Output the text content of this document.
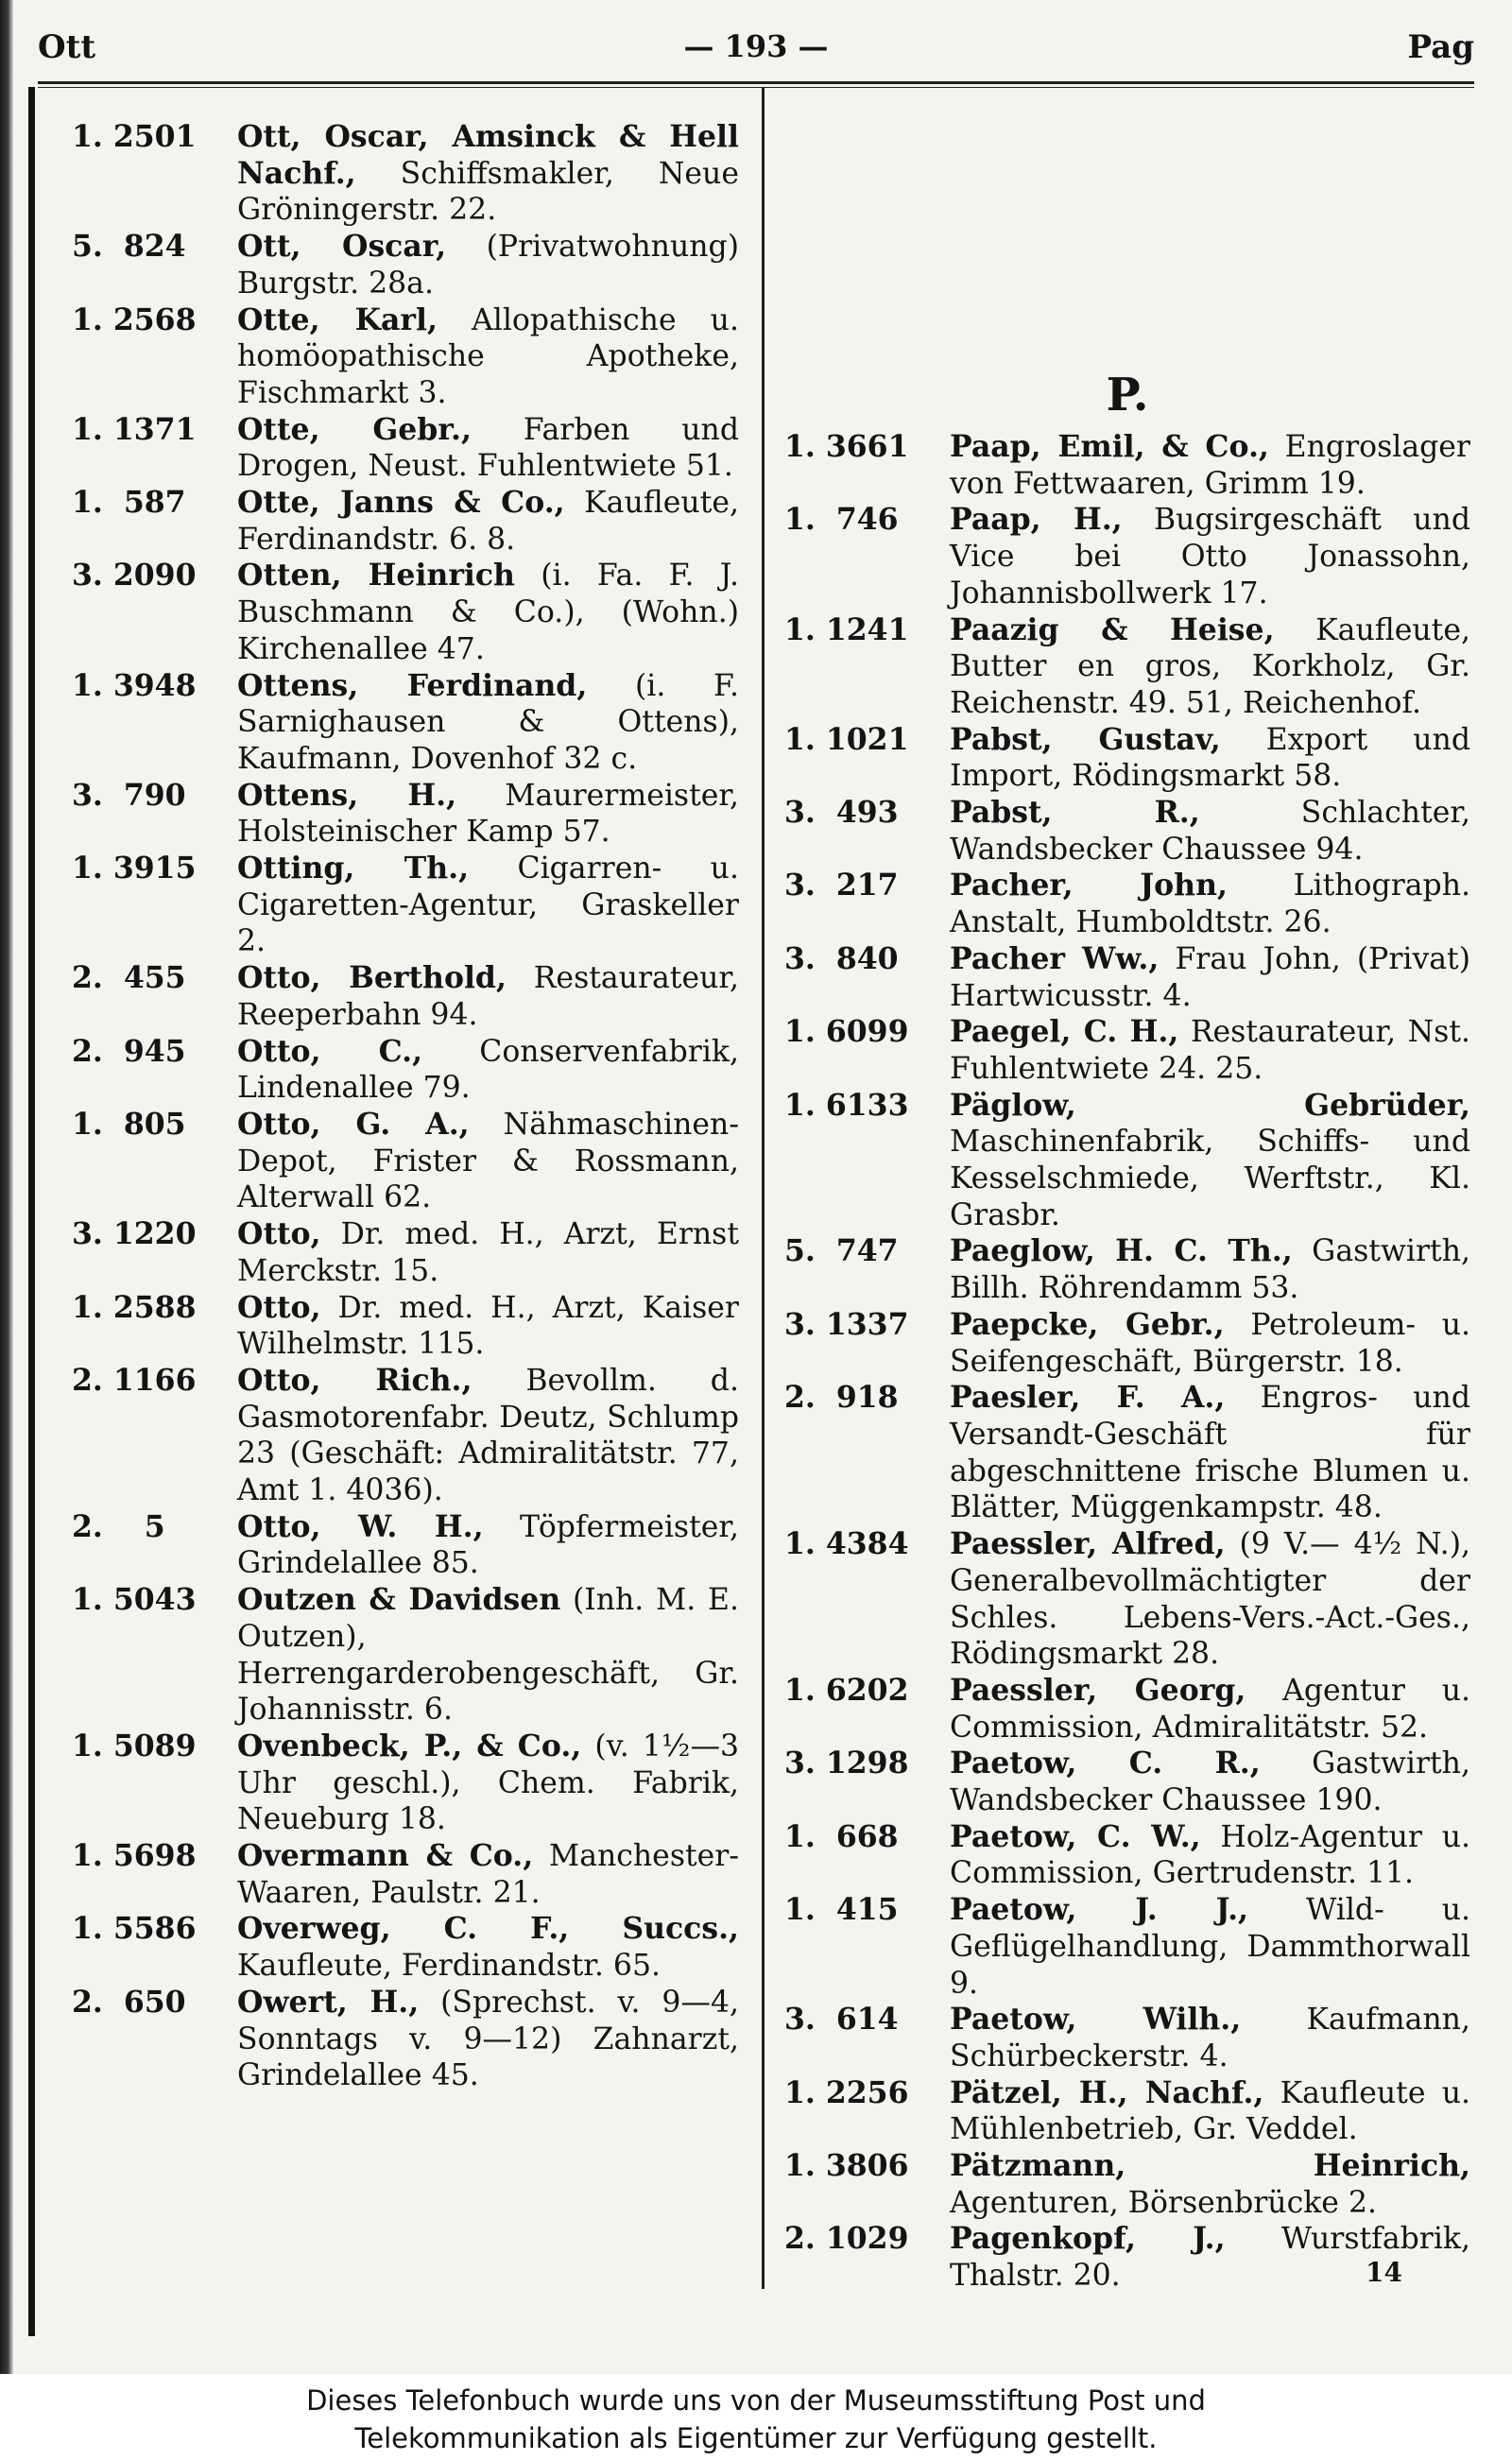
Ott	— 193 —	Pag
1. 2501	Ott, Oscar, Amsinck & Hell Nachf., Schiffsmakler, Neue Gröningerstr. 22.
5.  824	Ott, Oscar, (Privatwohnung) Burgstr. 28a.
1. 2568	Otte, Karl, Allopathische u. homöopathische Apotheke, Fischmarkt 3.
1. 1371	Otte, Gebr., Farben und Drogen, Neust. Fuhlentwiete 51.
1.  587	Otte, Janns & Co., Kaufleute, Ferdinandstr. 6. 8.
3. 2090	Otten, Heinrich (i. Fa. F. J. Buschmann & Co.), (Wohn.) Kirchenallee 47.
1. 3948	Ottens, Ferdinand, (i. F. Sarnighausen & Ottens), Kaufmann, Dovenhof 32 c.
3.  790	Ottens, H., Maurermeister, Holsteinischer Kamp 57.
1. 3915	Otting, Th., Cigarren- u. Cigaretten-Agentur, Graskeller 2.
2.  455	Otto, Berthold, Restaurateur, Reeperbahn 94.
2.  945	Otto, C., Conservenfabrik, Lindenallee 79.
1.  805	Otto, G. A., Nähmaschinen-Depot, Frister & Rossmann, Alterwall 62.
3. 1220	Otto, Dr. med. H., Arzt, Ernst Merckstr. 15.
1. 2588	Otto, Dr. med. H., Arzt, Kaiser Wilhelmstr. 115.
2. 1166	Otto, Rich., Bevollm. d. Gasmotorenfabr. Deutz, Schlump 23 (Geschäft: Admiralitätstr. 77, Amt 1. 4036).
2.    5	Otto, W. H., Töpfermeister, Grindelallee 85.
1. 5043	Outzen & Davidsen (Inh. M. E. Outzen), Herrengarderobengeschäft, Gr. Johannisstr. 6.
1. 5089	Ovenbeck, P., & Co., (v. 1½—3 Uhr geschl.), Chem. Fabrik, Neueburg 18.
1. 5698	Overmann & Co., Manchester-Waaren, Paulstr. 21.
1. 5586	Overweg, C. F., Succs., Kaufleute, Ferdinandstr. 65.
2.  650	Owert, H., (Sprechst. v. 9—4, Sonntags v. 9—12) Zahnarzt, Grindelallee 45.
P.
1. 3661	Paap, Emil, & Co., Engroslager von Fettwaaren, Grimm 19.
1.  746	Paap, H., Bugsirgeschäft und Vice bei Otto Jonassohn, Johannisbollwerk 17.
1. 1241	Paazig & Heise, Kaufleute, Butter en gros, Korkholz, Gr. Reichenstr. 49. 51, Reichenhof.
1. 1021	Pabst, Gustav, Export und Import, Rödingsmarkt 58.
3.  493	Pabst, R., Schlachter, Wandsbecker Chaussee 94.
3.  217	Pacher, John, Lithograph. Anstalt, Humboldtstr. 26.
3.  840	Pacher Ww., Frau John, (Privat) Hartwicusstr. 4.
1. 6099	Paegel, C. H., Restaurateur, Nst. Fuhlentwiete 24. 25.
1. 6133	Päglow, Gebrüder, Maschinenfabrik, Schiffs- und Kesselschmiede, Werftstr., Kl. Grasbr.
5.  747	Paeglow, H. C. Th., Gastwirth, Billh. Röhrendamm 53.
3. 1337	Paepcke, Gebr., Petroleum- u. Seifengeschäft, Bürgerstr. 18.
2.  918	Paesler, F. A., Engros- und Versandt-Geschäft für abgeschnittene frische Blumen u. Blätter, Müggenkampstr. 48.
1. 4384	Paessler, Alfred, (9 V.— 4½ N.), Generalbevollmächtigter der Schles. Lebens-Vers.-Act.-Ges., Rödingsmarkt 28.
1. 6202	Paessler, Georg, Agentur u. Commission, Admiralitätstr. 52.
3. 1298	Paetow, C. R., Gastwirth, Wandsbecker Chaussee 190.
1.  668	Paetow, C. W., Holz-Agentur u. Commission, Gertrudenstr. 11.
1.  415	Paetow, J. J., Wild- u. Geflügelhandlung, Dammthorwall 9.
3.  614	Paetow, Wilh., Kaufmann, Schürbeckerstr. 4.
1. 2256	Pätzel, H., Nachf., Kaufleute u. Mühlenbetrieb, Gr. Veddel.
1. 3806	Pätzmann, Heinrich, Agenturen, Börsenbrücke 2.
2. 1029	Pagenkopf, J., Wurstfabrik, Thalstr. 20.	14
Dieses Telefonbuch wurde uns von der Museumsstiftung Post und
Telekommunikation als Eigentümer zur Verfügung gestellt.
